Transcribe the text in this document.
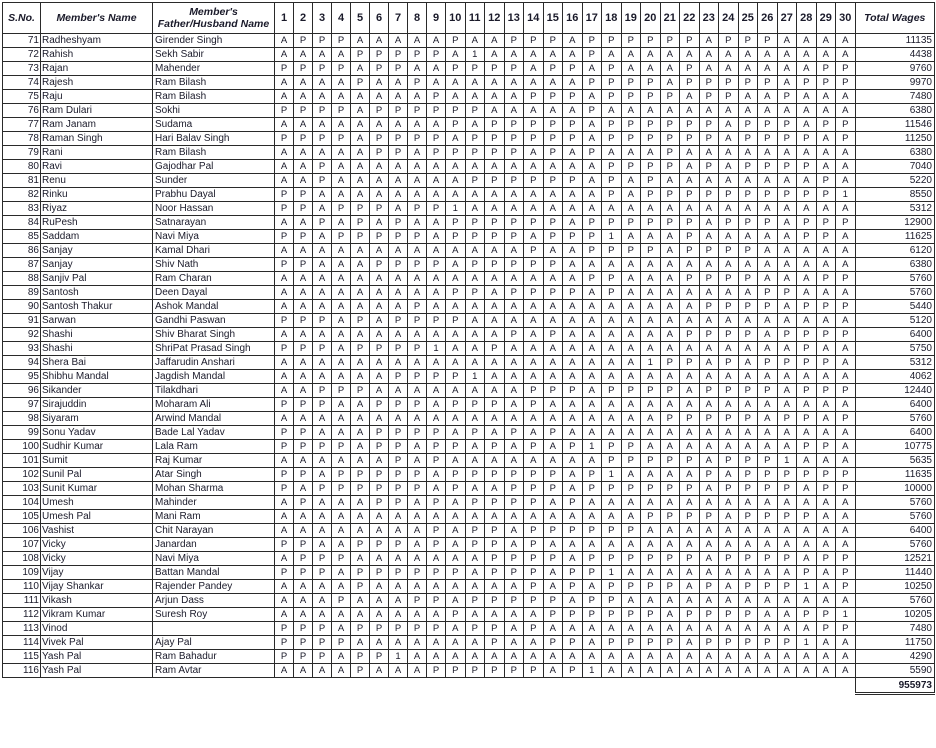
S.No.	Member's Name	Member's Father/Husband Name	1	2	3	4	5	6	7	8	9	10	11	12	13	14	15	16	17	18	19	20	21	22	23	24	25	26	27	28	29	30	Total Wages
71	Radheshyam	Girender Singh	A	P	P	P	A	A	A	A	A	P	A	A	P	P	P	A	P	P	P	P	P	P	A	P	P	P	A	A	A	A	11135
72	Rahish	Sekh Sabir	A	A	A	A	P	P	P	P	P	A	1	A	A	A	A	A	P	A	A	A	A	A	A	A	A	A	A	A	A	A	4438
73	Rajan	Mahender	P	P	P	P	A	P	P	A	A	P	P	P	P	A	P	P	A	P	A	A	A	P	A	A	A	A	A	A	P	P	9760
74	Rajesh	Ram Bilash	A	A	A	A	P	A	A	P	A	A	A	A	A	A	A	A	P	P	P	P	A	P	P	P	P	P	A	P	P	P	9970
75	Raju	Ram Bilash	A	A	A	A	A	A	A	A	P	A	A	A	A	P	P	P	A	P	P	P	P	A	P	P	A	A	P	A	A	A	7480
76	Ram Dulari	Sokhi	P	P	P	P	A	P	P	P	P	P	P	A	A	A	A	A	P	A	A	A	A	A	A	A	A	A	A	A	A	A	6380
77	Ram Janam	Sudama	A	A	A	A	A	A	A	A	A	P	A	P	P	P	P	P	A	P	P	P	P	P	P	A	P	P	P	A	P	P	11546
78	Raman Singh	Hari Balav Singh	P	P	P	P	A	P	P	P	P	A	P	P	P	P	P	P	A	P	P	P	P	P	P	A	P	P	P	P	A	P	11250
79	Rani	Ram Bilash	A	A	A	A	A	P	P	A	P	P	P	P	P	A	P	A	P	A	A	A	P	A	A	A	A	A	A	A	A	A	6380
80	Ravi	Gajodhar Pal	A	A	P	A	A	A	A	A	A	A	A	A	A	A	A	A	A	P	P	P	P	A	P	A	P	P	P	P	A	A	7040
81	Renu	Sunder	A	A	P	A	A	A	A	A	A	A	P	P	P	P	P	P	A	P	A	P	A	A	A	A	A	A	A	A	P	A	5220
82	Rinku	Prabhu Dayal	P	P	A	A	A	A	A	A	A	A	A	A	A	A	A	A	A	P	A	P	P	P	P	P	P	P	P	P	P	1	8550
83	Riyaz	Noor Hassan	P	P	A	P	P	P	A	P	P	1	A	A	A	A	A	A	A	A	A	A	A	A	A	A	A	A	A	A	A	A	5312
84	RuPesh	Satnarayan	A	A	P	A	P	A	P	A	A	P	P	P	P	P	P	A	P	P	P	P	P	P	A	P	P	P	A	P	P	P	12900
85	Saddam	Navi Miya	P	P	A	P	P	P	P	P	A	P	P	P	P	A	P	P	P	1	A	A	A	P	A	A	A	A	A	P	P	A	11625
86	Sanjay	Kamal Dhari	A	A	A	A	A	A	A	A	A	A	A	A	A	P	A	A	P	P	P	P	A	P	P	P	P	A	A	A	A	A	6120
87	Sanjay	Shiv Nath	P	P	A	A	A	P	P	P	P	A	P	P	P	P	P	A	A	A	A	A	A	A	A	A	A	A	A	A	A	A	6380
88	Sanjiv Pal	Ram Charan	A	A	A	A	A	A	A	A	A	A	A	A	A	A	A	A	P	P	A	A	A	P	P	P	P	A	A	A	P	P	5760
89	Santosh	Deen Dayal	A	A	A	A	A	A	A	A	A	P	P	A	P	P	P	P	A	P	A	A	A	A	A	A	A	P	P	A	A	A	5760
90	Santosh Thakur	Ashok Mandal	A	A	A	A	A	A	A	P	A	A	A	A	A	A	A	A	A	A	A	A	A	A	P	P	P	P	A	P	P	P	5440
91	Sarwan	Gandhi Paswan	P	P	P	A	P	A	P	P	P	P	A	A	A	A	A	A	A	A	A	A	A	A	A	A	A	A	A	A	A	A	5120
92	Shashi	Shiv Bharat Singh	A	A	A	A	A	A	A	A	A	A	A	A	P	A	P	A	A	A	A	A	A	P	P	P	P	A	P	P	P	P	6400
93	Shashi	ShriPat Prasad Singh	P	P	P	A	P	P	P	P	1	A	A	P	A	A	A	A	A	A	A	A	A	A	A	A	A	A	A	P	A	A	5750
94	Shera Bai	Jaffarudin Anshari	A	A	A	A	A	A	A	A	A	A	A	A	A	A	A	A	A	A	A	1	P	P	A	P	A	P	P	P	P	A	5312
95	Shibhu Mandal	Jagdish Mandal	A	A	A	A	A	A	P	P	P	P	1	A	A	A	A	A	A	A	A	A	A	A	A	A	A	A	A	A	A	A	4062
96	Sikander	Tilakdhari	A	A	P	P	P	A	A	A	A	A	A	A	A	P	P	P	A	P	P	P	P	A	P	P	P	P	A	P	P	P	12440
97	Sirajuddin	Moharam Ali	P	P	P	A	A	P	P	P	A	P	P	P	A	P	A	A	A	A	A	A	A	A	A	A	A	A	A	A	A	A	6400
98	Siyaram	Arwind Mandal	A	A	A	A	A	A	A	A	A	A	A	A	A	A	A	A	A	A	A	A	P	P	P	P	P	A	P	P	A	P	5760
99	Sonu Yadav	Bade Lal Yadav	P	P	A	A	A	P	P	P	P	A	P	A	P	A	P	A	A	A	A	A	A	A	A	A	A	A	A	A	A	A	6400
100	Sudhir Kumar	Lala Ram	P	P	P	P	A	P	P	A	P	P	A	P	A	P	A	P	1	P	P	A	A	A	A	A	A	A	A	P	P	A	10775
101	Sumit	Raj Kumar	A	A	A	A	A	A	P	A	P	A	A	A	A	A	A	A	A	P	P	P	P	P	A	P	P	P	1	A	A	A	5635
102	Sunil Pal	Atar Singh	P	P	A	P	P	P	P	P	A	P	P	P	P	P	P	A	P	1	A	A	A	A	P	A	P	P	P	P	P	P	11635
103	Sunit Kumar	Mohan Sharma	P	A	P	P	P	P	P	P	A	P	A	A	P	P	P	A	P	P	P	P	P	P	A	P	P	P	P	A	P	P	10000
104	Umesh	Mahinder	A	P	A	A	A	P	P	A	P	A	P	P	P	P	A	P	A	A	A	A	A	A	A	A	A	A	A	A	A	A	5760
105	Umesh Pal	Mani Ram	A	A	A	A	A	A	A	A	A	A	A	A	A	A	A	A	A	A	A	P	P	P	P	A	P	P	P	P	A	A	5760
106	Vashist	Chit Narayan	A	A	A	A	A	A	A	A	P	A	P	P	A	P	P	P	P	P	P	A	A	A	A	A	A	A	A	A	A	A	6400
107	Vicky	Janardan	P	P	A	A	P	P	P	A	P	A	P	P	A	P	A	A	A	A	A	A	A	A	A	A	A	A	A	A	A	A	5760
108	Vicky	Navi Miya	A	P	P	P	A	A	A	A	A	A	A	P	P	P	P	A	P	P	P	P	P	P	A	P	P	P	P	A	P	P	12521
109	Vijay	Battan Mandal	P	P	P	A	P	P	P	P	P	P	A	P	P	P	A	P	P	1	A	A	A	A	A	A	A	A	A	P	A	P	11440
110	Vijay Shankar	Rajender Pandey	A	A	A	A	P	A	A	A	A	A	A	A	A	P	A	P	A	P	P	P	P	A	P	A	P	P	P	1	A	P	10250
111	Vikash	Arjun Dass	A	A	A	P	A	A	A	P	P	A	P	P	P	P	P	A	P	P	A	A	A	A	A	A	A	A	A	A	A	A	5760
112	Vikram Kumar	Suresh Roy	A	A	A	A	A	A	A	A	A	P	A	A	A	A	P	P	P	P	P	P	A	P	P	P	P	A	A	P	P	1	10205
113	Vinod		P	P	P	A	P	P	P	P	P	A	P	P	A	P	A	A	A	A	A	A	A	A	A	A	A	A	A	A	P	P	7480
114	Vivek Pal	Ajay Pal	P	P	P	P	A	A	A	A	A	A	A	P	A	A	P	P	A	P	P	P	P	A	P	P	P	P	P	1	A	A	11750
115	Yash Pal	Ram Bahadur	P	P	P	A	P	P	1	A	A	A	A	A	A	A	A	A	A	A	A	A	A	A	A	A	A	A	A	A	A	A	4290
116	Yash Pal	Ram Avtar	A	A	A	A	P	A	A	A	P	P	P	P	P	P	A	P	1	A	A	A	A	A	A	A	A	A	A	A	A	A	5590
																																	955973
